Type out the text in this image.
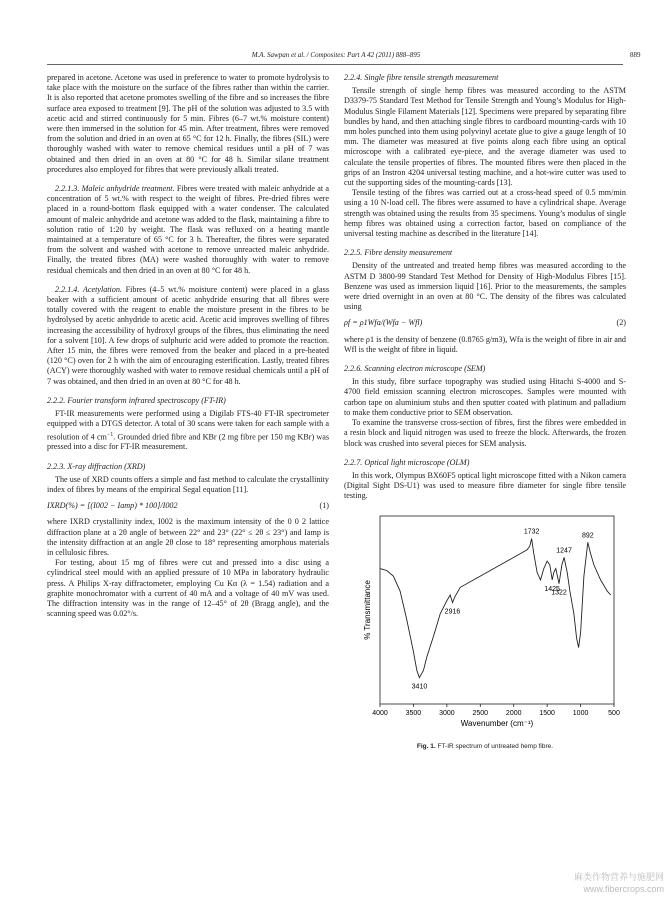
M.A. Sawpan et al. / Composites: Part A 42 (2011) 888–895	889

prepared in acetone. Acetone was used in preference to water to promote hydrolysis to take place with the moisture on the surface of the fibres rather than within the carrier. It is also reported that acetone promotes swelling of the fibre and so increases the fibre surface area exposed to treatment [9]. The pH of the solution was adjusted to 3.5 with acetic acid and stirred continuously for 5 min. Fibres (6–7 wt.% moisture content) were then immersed in the solution for 45 min. After treatment, fibres were removed from the solution and dried in an oven at 65 °C for 12 h. Finally, the fibres (SIL) were thoroughly washed with water to remove chemical residues until a pH of 7 was obtained and then dried in an oven at 80 °C for 48 h. Similar silane treatment procedures also employed for fibres that were previously alkali treated.

2.2.1.3. Maleic anhydride treatment. Fibres were treated with maleic anhydride at a concentration of 5 wt.% with respect to the weight of fibres. Pre-dried fibres were placed in a round-bottom flask equipped with a water condenser. The calculated amount of maleic anhydride and acetone was added to the flask, maintaining a fibre to solution ratio of 1:20 by weight. The flask was refluxed on a heating mantle maintained at a temperature of 65 °C for 3 h. Thereafter, the fibres were separated from the solvent and washed with acetone to remove unreacted maleic anhydride. Finally, the treated fibres (MA) were washed thoroughly with water to remove residual chemicals and then dried in an oven at 80 °C for 48 h.

2.2.1.4. Acetylation. Fibres (4–5 wt.% moisture content) were placed in a glass beaker with a sufficient amount of acetic anhydride ensuring that all fibres were totally covered with the reagent to enable the moisture present in the fibres to be hydrolysed by acetic anhydride to acetic acid. Acetic acid improves swelling of fibres increasing the accessibility of hydroxyl groups of the fibres, thus eliminating the need for a solvent [10]. A few drops of sulphuric acid were added to promote the reaction. After 15 min, the fibres were removed from the beaker and placed in a pre-heated (120 °C) oven for 2 h with the aim of encouraging esterification. Lastly, treated fibres (ACY) were thoroughly washed with water to remove residual chemicals until a pH of 7 was obtained, and then dried in an oven at 80 °C for 48 h.

2.2.2. Fourier transform infrared spectroscopy (FT-IR)

FT-IR measurements were performed using a Digilab FTS-40 FT-IR spectrometer equipped with a DTGS detector. A total of 30 scans were taken for each sample with a resolution of 4 $cm^{-1}$. Grounded dried fibre and KBr (2 mg fibre per 150 mg KBr) was pressed into a disc for FT-IR measurement.

2.2.3. X-ray diffraction (XRD)

The use of XRD counts offers a simple and fast method to calculate the crystallinity index of fibres by means of the empirical Segal equation [11].

IXRD(%) = [(I002 − Iamp) * 100]/I002	(1)

where IXRD crystallinity index, I002 is the maximum intensity of the 0 0 2 lattice diffraction plane at a 2θ angle of between 22° and 23° (22° ≤ 2θ ≤ 23°) and Iamp is the intensity diffraction at an angle 2θ close to 18° representing amorphous materials in cellulosic fibres.

For testing, about 15 mg of fibres were cut and pressed into a disc using a cylindrical steel mould with an applied pressure of 10 MPa in laboratory hydraulic press. A Philips X-ray diffractometer, employing Cu Kα (λ = 1.54) radiation and a graphite monochromator with a current of 40 mA and a voltage of 40 mV was used. The diffraction intensity was in the range of 12–45° of 2θ (Bragg angle), and the scanning speed was 0.02°/s.

2.2.4. Single fibre tensile strength measurement

Tensile strength of single hemp fibres was measured according to the ASTM D3379-75 Standard Test Method for Tensile Strength and Young’s Modulus for High-Modulus Single Filament Materials [12]. Specimens were prepared by separating fibre bundles by hand, and then attaching single fibres to cardboard mounting-cards with 10 mm holes punched into them using polyvinyl acetate glue to give a gauge length of 10 mm. The diameter was measured at five points along each fibre using an optical microscope with a calibrated eye-piece, and the average diameter was used to calculate the tensile properties of fibres. The mounted fibres were then placed in the grips of an Instron 4204 universal testing machine, and a hot-wire cutter was used to cut the supporting sides of the mounting-cards [13].

Tensile testing of the fibres was carried out at a cross-head speed of 0.5 mm/min using a 10 N-load cell. The fibres were assumed to have a cylindrical shape. Average strength was obtained using the results from 35 specimens. Young’s modulus of single hemp fibres was obtained using a correction factor, based on compliance of the universal testing machine as described in the literature [14].

2.2.5. Fibre density measurement

Density of the untreated and treated hemp fibres was measured according to the ASTM D 3800-99 Standard Test Method for Density of High-Modulus Fibres [15]. Benzene was used as immersion liquid [16]. Prior to the measurements, the samples were dried overnight in an oven at 80 °C. The density of the fibres was calculated using

ρf = ρ1Wfa/(Wfa − Wfl)	(2)

where ρ1 is the density of benzene (0.8765 g/m3), Wfa is the weight of fibre in air and Wfl is the weight of fibre in liquid.

2.2.6. Scanning electron microscope (SEM)

In this study, fibre surface topography was studied using Hitachi S-4000 and S-4700 field emission scanning electron microscopes. Samples were mounted with carbon tape on aluminium stubs and then sputter coated with platinum and palladium to make them conductive prior to SEM observation.

To examine the transverse cross-section of fibres, first the fibres were embedded in a resin block and liquid nitrogen was used to freeze the block. Afterwards, the frozen block was crushed into several pieces for SEM analysis.

2.2.7. Optical light microscope (OLM)

In this work, Olympus BX60F5 optical light microscope fitted with a Nikon camera (Digital Sight DS-U1) was used to measure fibre diameter for single fibre tensile testing.

4000	3500	3000	2500	2000	1500	1000	500
Wavenumber (cm⁻¹)
% Transmittance
1732
892
1247
1425
1322
2916
3410
Fig. 1. FT-IR spectrum of untreated hemp fibre.
麻类作物营养与施肥网
www.fibercrops.com
